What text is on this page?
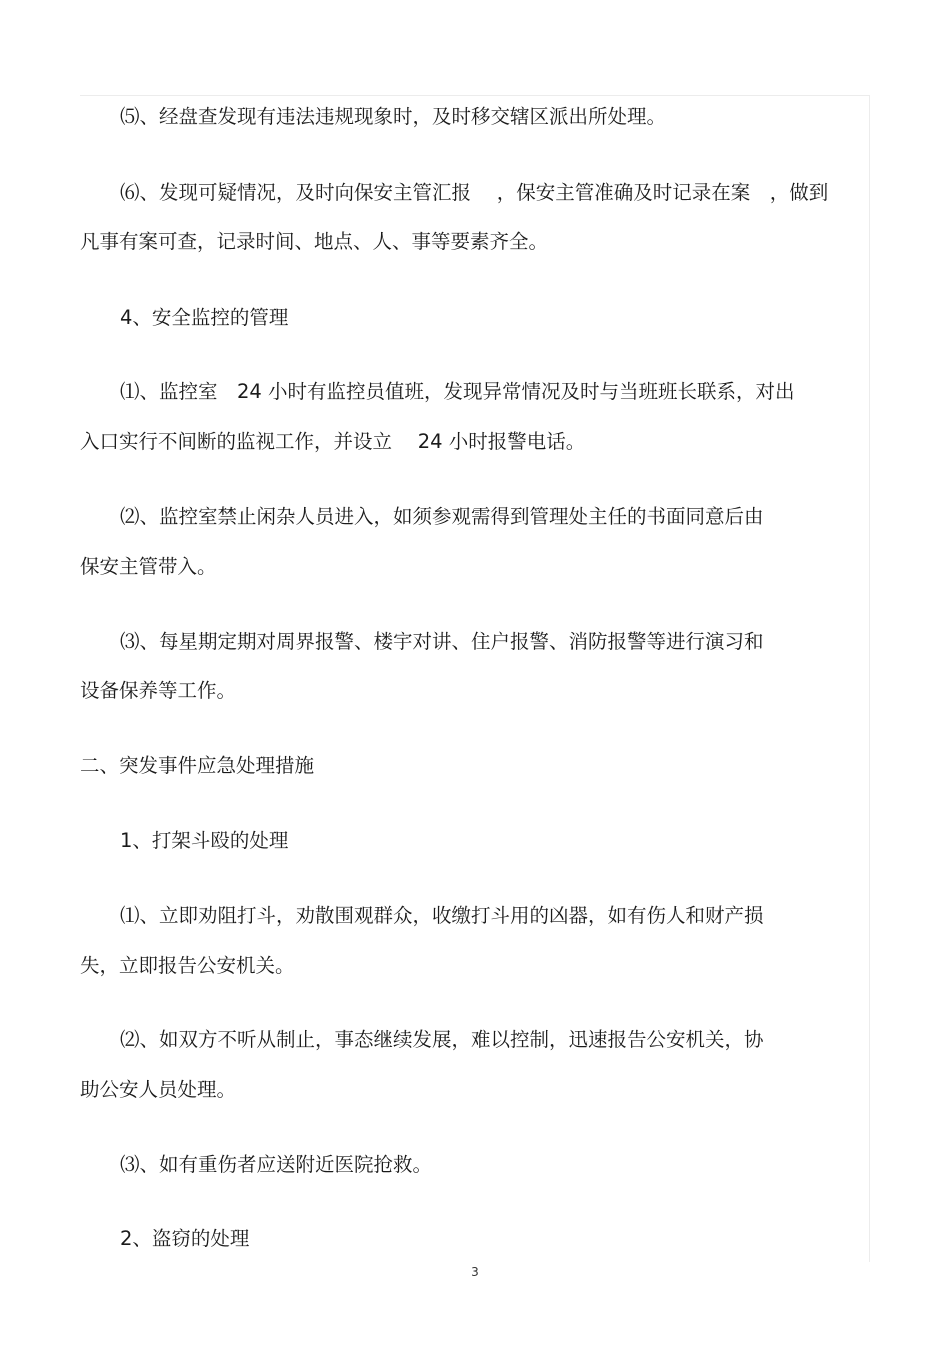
⑸、经盘查发现有违法违规现象时，及时移交辖区派出所处理。

⑹、发现可疑情况，及时向保安主管汇报　 ，保安主管准确及时记录在案　，做到

凡事有案可查，记录时间、地点、人、事等要素齐全。

4、安全监控的管理

⑴、监控室　24 小时有监控员值班，发现异常情况及时与当班班长联系，对出

入口实行不间断的监视工作，并设立　 24 小时报警电话。

⑵、监控室禁止闲杂人员进入，如须参观需得到管理处主任的书面同意后由

保安主管带入。

⑶、每星期定期对周界报警、楼宇对讲、住户报警、消防报警等进行演习和

设备保养等工作。

二、突发事件应急处理措施

1、打架斗殴的处理

⑴、立即劝阻打斗，劝散围观群众，收缴打斗用的凶器，如有伤人和财产损

失，立即报告公安机关。

⑵、如双方不听从制止，事态继续发展，难以控制，迅速报告公安机关，协

助公安人员处理。

⑶、如有重伤者应送附近医院抢救。

2、盗窃的处理

3
